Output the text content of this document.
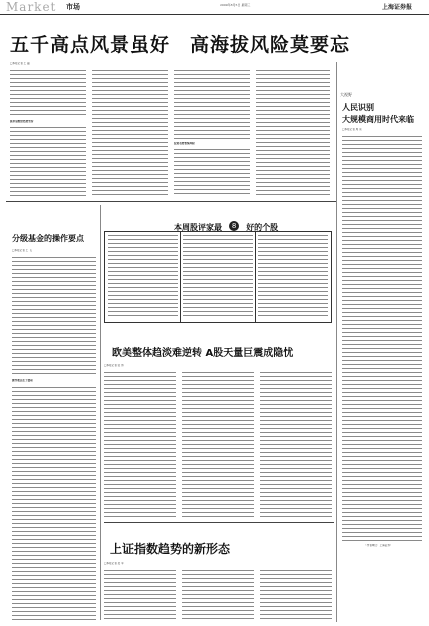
Market 市场	2009年8月5日 星期三	上海证券报
五千高点风景虽好　高海拔风险莫要忘
□本报记者 王 磊
熊市思维依然要坚持
投资者要警惕风险
大视野
人民识别
大规模商用时代来临
□本报记者 周 亮
（作者单位：上海证券）
分级基金的操作要点
□本报记者 王 飞
操作难点在于波动
本周股评家最 8 好的个股
欧美整体趋淡难逆转 A股天量巨震成隐忧
□本报记者 张 伟
上证指数趋势的新形态
□本报记者 吴 军
